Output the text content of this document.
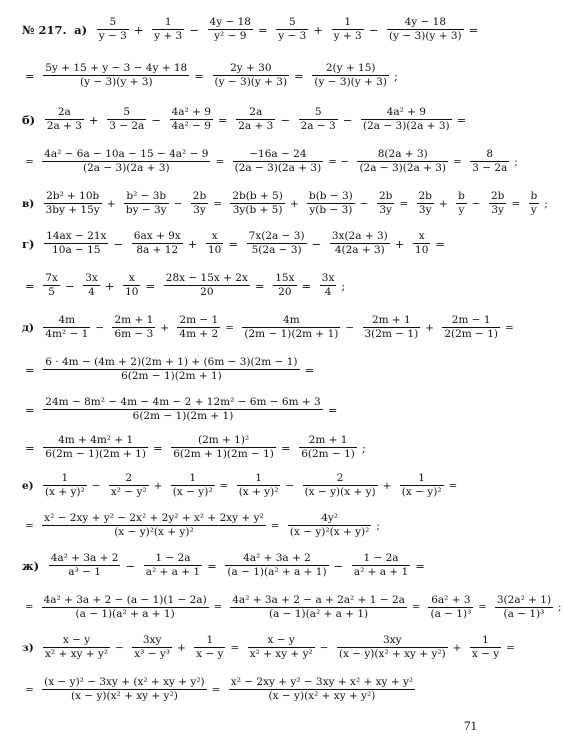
№ 217. $а) \frac{5}{y - 3} + \frac{1}{y + 3} - \frac{4y - 18}{\text{y² − 9}} = \frac{5}{y - 3} + \frac{1}{y + 3} - \frac{4y - 18}{(y - 3)(y + 3)}$ =
= $\frac{5y + 15 + y - 3 - 4y + 18}{(y - 3)(y + 3)} = \frac{2y + 30}{(y - 3)(y + 3)} = \frac{2(y + 15)}{(y - 3)(y + 3)}$ ;
$б) \frac{2a}{2a + 3} + \frac{5}{3 - 2a} - \frac{\text{4a² + 9}}{\text{4a² − 9}} = \frac{2a}{2a + 3} - \frac{5}{2a - 3} - \frac{\text{4a² + 9}}{(2a - 3)(2a + 3)}$ =
= $\frac{\text{4a² − 6a − 10a − 15 − 4a² − 9}}{(2a - 3)(2a + 3)} = \frac{-16a - 24}{(2a - 3)(2a + 3)}$ = − $\frac{8(2a + 3)}{(2a - 3)(2a + 3)} = \frac{8}{3 - 2a}$ ;
$в) \frac{\text{2b² + 10b}}{3by + 15y} + \frac{\text{b² − 3b}}{by - 3y} - \frac{2b}{3y} = \frac{2b(b + 5)}{3y(b + 5)} + \frac{b(b - 3)}{y(b - 3)} - \frac{2b}{3y} = \frac{2b}{3y} + \frac{b}{y} - \frac{2b}{3y} = \frac{b}{y}$ ;
$г) \frac{14ax - 21x}{10a - 15} - \frac{6ax + 9x}{8a + 12} + \frac{x}{10} = \frac{7x(2a - 3)}{5(2a - 3)} - \frac{3x(2a + 3)}{4(2a + 3)} + \frac{x}{10}$ =
= $\frac{7x}{5} - \frac{3x}{4} + \frac{x}{10} = \frac{28x - 15x + 2x}{20} = \frac{15x}{20} = \frac{3x}{4}$ ;
$д) \frac{4m}{\text{4m² − 1}} - \frac{2m + 1}{6m - 3} + \frac{2m - 1}{4m + 2} = \frac{4m}{(2m - 1)(2m + 1)} - \frac{2m + 1}{3(2m - 1)} + \frac{2m - 1}{2(2m - 1)}$ =
= $\frac{6 \cdot 4m - (4m + 2)(2m + 1) + (6m - 3)(2m - 1)}{6(2m - 1)(2m + 1)}$ =
= $\frac{\text{24m − 8m² − 4m − 4m − 2 + 12m² − 6m − 6m + 3}}{6(2m - 1)(2m + 1)}$ =
= $\frac{\text{4m + 4m² + 1}}{6(2m - 1)(2m + 1)} = \frac{\text{(2m + 1)²}}{6(2m + 1)(2m - 1)} = \frac{2m + 1}{6(2m - 1)}$ ;
$е) \frac{1}{\text{(x + y)²}} - \frac{2}{\text{x² − y²}} + \frac{1}{\text{(x − y)²}} = \frac{1}{\text{(x + y)²}} - \frac{2}{(x - y)(x + y)} + \frac{1}{\text{(x − y)²}}$ =
= $\frac{\text{x² − 2xy + y² − 2x² + 2y² + x² + 2xy + y²}}{\text{(x − y)²(x + y)²}} = \frac{\text{4y²}}{\text{(x − y)²(x + y)²}}$ ;
$ж) \frac{\text{4a² + 3a + 2}}{\text{a³ − 1}} - \frac{1 - 2a}{\text{a² + a + 1}} = \frac{\text{4a² + 3a + 2}}{\text{(a − 1)(a² + a + 1)}} - \frac{1 - 2a}{\text{a² + a + 1}}$ =
= $\frac{\text{4a² + 3a + 2 − (a − 1)(1 − 2a)}}{\text{(a − 1)(a² + a + 1)}} = \frac{\text{4a² + 3a + 2 − a + 2a² + 1 − 2a}}{\text{(a − 1)(a² + a + 1)}} = \frac{\text{6a² + 3}}{\text{(a − 1)³}} = \frac{\text{3(2a² + 1)}}{\text{(a − 1)³}}$ ;
$з) \frac{x - y}{\text{x² + xy + y²}} - \frac{3xy}{\text{x³ − y³}} + \frac{1}{x - y} = \frac{x - y}{\text{x² + xy + y²}} - \frac{3xy}{\text{(x − y)(x² + xy + y²)}} + \frac{1}{x - y}$ =
= $\frac{\text{(x − y)² − 3xy + (x² + xy + y²)}}{\text{(x − y)(x² + xy + y²)}} = \frac{\text{x² − 2xy + y² − 3xy + x² + xy + y²}}{\text{(x − y)(x² + xy + y²)}}$
71
